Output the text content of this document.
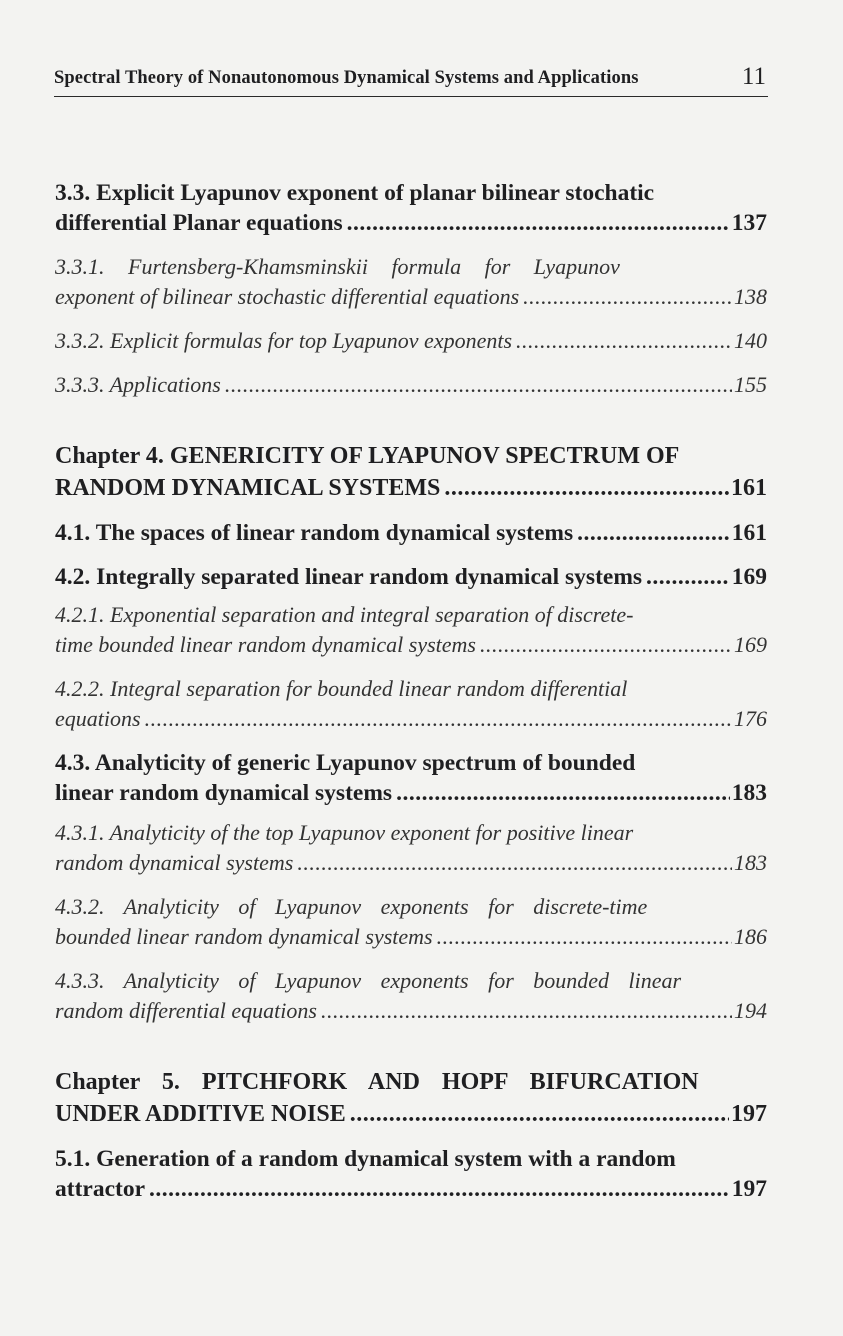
Spectral Theory of Nonautonomous Dynamical Systems and Applications	11
3.3. Explicit Lyapunov exponent of planar bilinear stochatic
differential Planar equations .....	137
3.3.1. Furtensberg-Khamsminskii formula for Lyapunov
exponent of bilinear stochastic differential equations .....	138
3.3.2. Explicit formulas for top Lyapunov exponents .....	140
3.3.3. Applications .....	155
Chapter 4. GENERICITY OF LYAPUNOV SPECTRUM OF
RANDOM DYNAMICAL SYSTEMS .....	161
4.1. The spaces of linear random dynamical systems .....	161
4.2. Integrally separated linear random dynamical systems .....	169
4.2.1. Exponential separation and integral separation of discrete-
time bounded linear random dynamical systems .....	169
4.2.2. Integral separation for bounded linear random differential
equations .....	176
4.3. Analyticity of generic Lyapunov spectrum of bounded
linear random dynamical systems .....	183
4.3.1. Analyticity of the top Lyapunov exponent for positive linear
random dynamical systems .....	183
4.3.2. Analyticity of Lyapunov exponents for discrete-time
bounded linear random dynamical systems .....	186
4.3.3. Analyticity of Lyapunov exponents for bounded linear
random differential equations .....	194
Chapter 5. PITCHFORK AND HOPF BIFURCATION
UNDER ADDITIVE NOISE .....	197
5.1. Generation of a random dynamical system with a random
attractor .....	197
